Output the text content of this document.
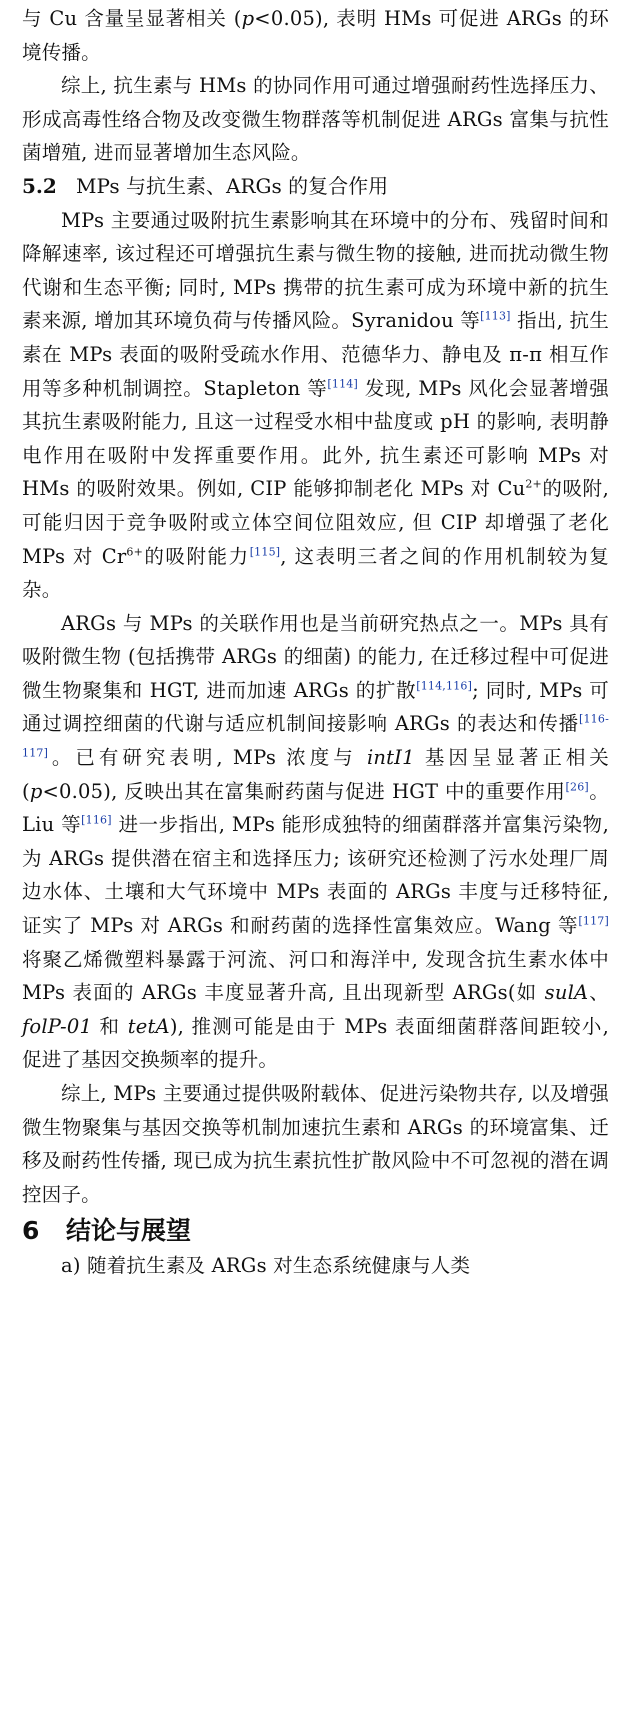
与 Cu 含量呈显著相关 (p<0.05), 表明 HMs 可促进 ARGs 的环境传播。

综上, 抗生素与 HMs 的协同作用可通过增强耐药性选择压力、形成高毒性络合物及改变微生物群落等机制促进 ARGs 富集与抗性菌增殖, 进而显著增加生态风险。

5.2 MPs 与抗生素、ARGs 的复合作用

MPs 主要通过吸附抗生素影响其在环境中的分布、残留时间和降解速率, 该过程还可增强抗生素与微生物的接触, 进而扰动微生物代谢和生态平衡; 同时, MPs 携带的抗生素可成为环境中新的抗生素来源, 增加其环境负荷与传播风险。Syranidou 等[113] 指出, 抗生素在 MPs 表面的吸附受疏水作用、范德华力、静电及 π-π 相互作用等多种机制调控。Stapleton 等[114] 发现, MPs 风化会显著增强其抗生素吸附能力, 且这一过程受水相中盐度或 pH 的影响, 表明静电作用在吸附中发挥重要作用。此外, 抗生素还可影响 MPs 对 HMs 的吸附效果。例如, CIP 能够抑制老化 MPs 对 $Cu^{2+}$的吸附, 可能归因于竞争吸附或立体空间位阻效应, 但 CIP 却增强了老化 MPs 对 $Cr^{6+}$的吸附能力[115], 这表明三者之间的作用机制较为复杂。

ARGs 与 MPs 的关联作用也是当前研究热点之一。MPs 具有吸附微生物 (包括携带 ARGs 的细菌) 的能力, 在迁移过程中可促进微生物聚集和 HGT, 进而加速 ARGs 的扩散[114,116]; 同时, MPs 可通过调控细菌的代谢与适应机制间接影响 ARGs 的表达和传播[116-117]。已有研究表明, MPs 浓度与 intI1 基因呈显著正相关 (p<0.05), 反映出其在富集耐药菌与促进 HGT 中的重要作用[26]。Liu 等[116] 进一步指出, MPs 能形成独特的细菌群落并富集污染物, 为 ARGs 提供潜在宿主和选择压力; 该研究还检测了污水处理厂周边水体、土壤和大气环境中 MPs 表面的 ARGs 丰度与迁移特征, 证实了 MPs 对 ARGs 和耐药菌的选择性富集效应。Wang 等[117] 将聚乙烯微塑料暴露于河流、河口和海洋中, 发现含抗生素水体中 MPs 表面的 ARGs 丰度显著升高, 且出现新型 ARGs(如 sulA、folP-01 和 tetA), 推测可能是由于 MPs 表面细菌群落间距较小, 促进了基因交换频率的提升。

综上, MPs 主要通过提供吸附载体、促进污染物共存, 以及增强微生物聚集与基因交换等机制加速抗生素和 ARGs 的环境富集、迁移及耐药性传播, 现已成为抗生素抗性扩散风险中不可忽视的潜在调控因子。

6 结论与展望

a) 随着抗生素及 ARGs 对生态系统健康与人类
